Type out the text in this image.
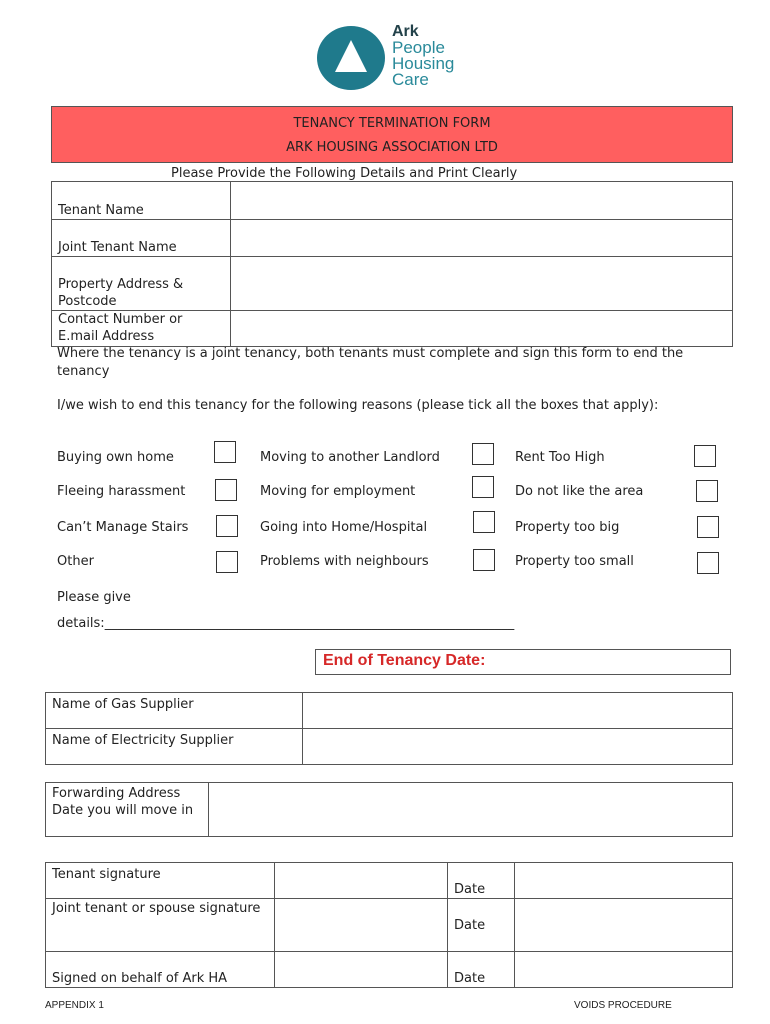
Ark
People
Housing
Care
TENANCY TERMINATION FORM
ARK HOUSING ASSOCIATION LTD
Please Provide the Following Details and Print Clearly
Tenant Name	
Joint Tenant Name	
Property Address & Postcode	
Contact Number or E.mail Address	
Where the tenancy is a joint tenancy, both tenants must complete and sign this form to end the tenancy
I/we wish to end this tenancy for the following reasons (please tick all the boxes that apply):
Buying own home	Moving to another Landlord	Rent Too High
Fleeing harassment	Moving for employment	Do not like the area
Can’t Manage Stairs	Going into Home/Hospital	Property too big
Other	Problems with neighbours	Property too small
Please give
details:_______________________________________________________________
End of Tenancy Date:
Name of Gas Supplier	
Name of Electricity Supplier	
Forwarding Address Date you will move in	
Tenant signature		Date	
Joint tenant or spouse signature		Date	
Signed on behalf of Ark HA		Date	
APPENDIX 1	VOIDS PROCEDURE
